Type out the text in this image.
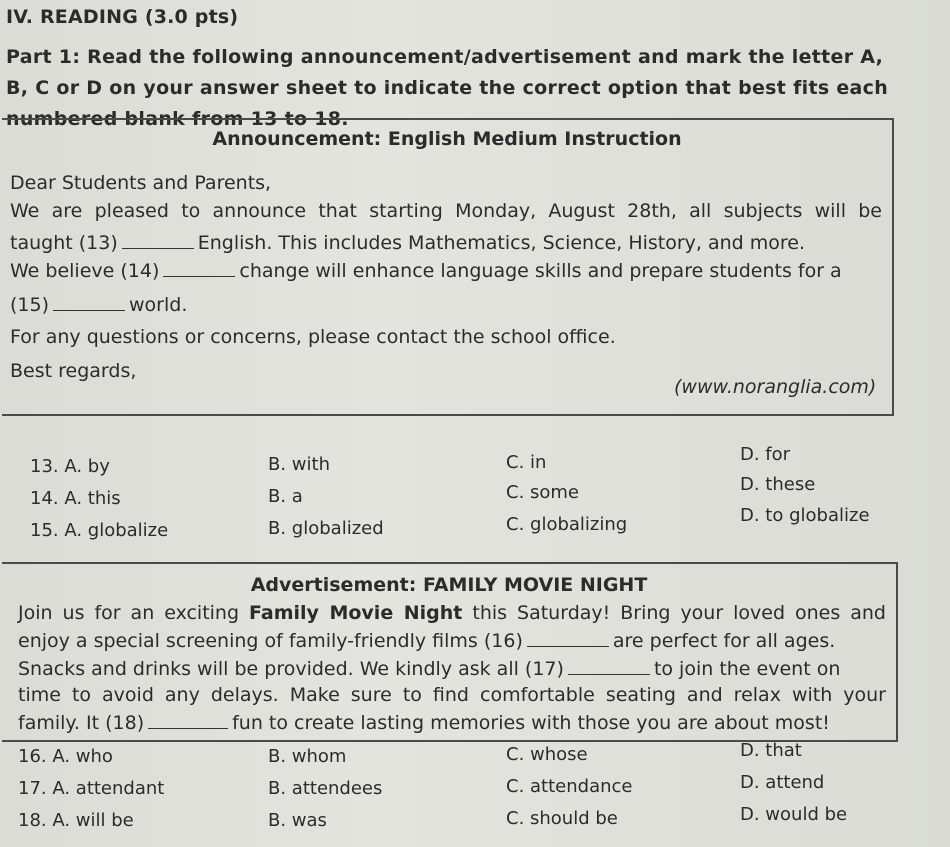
IV. READING (3.0 pts)
Part 1: Read the following announcement/advertisement and mark the letter A,
B, C or D on your answer sheet to indicate the correct option that best fits each
numbered blank from 13 to 18.
Announcement: English Medium Instruction
Dear Students and Parents,
We are pleased to announce that starting Monday, August 28th, all subjects will be
taught (13)	English. This includes Mathematics, Science, History, and more.
We believe (14)	change will enhance language skills and prepare students for a
(15)	world.
For any questions or concerns, please contact the school office.
Best regards,
(www.noranglia.com)
13. A. by	B. with	C. in	D. for
14. A. this	B. a	C. some	D. these
15. A. globalize	B. globalized	C. globalizing	D. to globalize
Advertisement: FAMILY MOVIE NIGHT
Join us for an exciting Family Movie Night this Saturday! Bring your loved ones and
enjoy a special screening of family-friendly films (16)	are perfect for all ages.
Snacks and drinks will be provided. We kindly ask all (17)	to join the event on
time to avoid any delays. Make sure to find comfortable seating and relax with your
family. It (18)	fun to create lasting memories with those you are about most!
16. A. who	B. whom	C. whose	D. that
17. A. attendant	B. attendees	C. attendance	D. attend
18. A. will be	B. was	C. should be	D. would be
